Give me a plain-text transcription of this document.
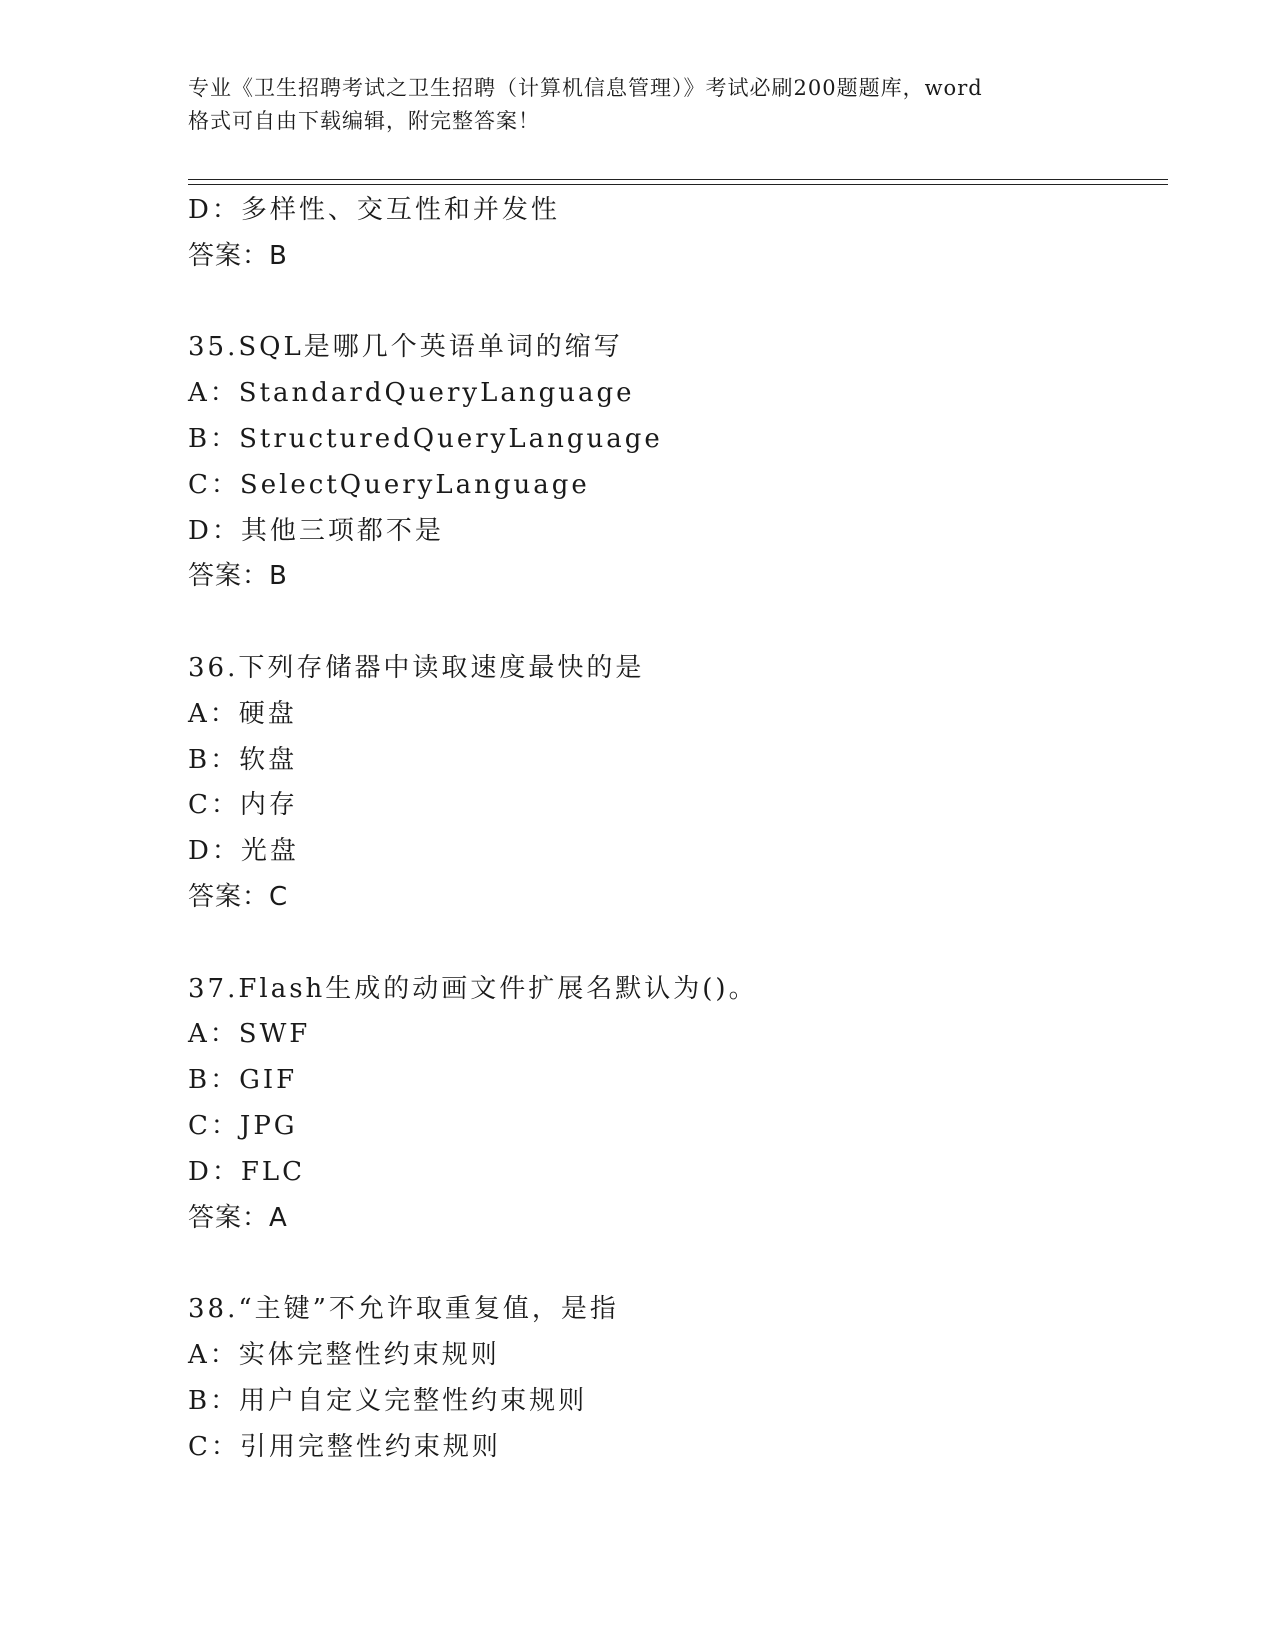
专业《卫生招聘考试之卫生招聘（计算机信息管理）》考试必刷200题题库，word
格式可自由下载编辑，附完整答案！
D：多样性、交互性和并发性
答案：B
35.SQL是哪几个英语单词的缩写
A：StandardQueryLanguage
B：StructuredQueryLanguage
C：SelectQueryLanguage
D：其他三项都不是
答案：B
36.下列存储器中读取速度最快的是
A：硬盘
B：软盘
C：内存
D：光盘
答案：C
37.Flash生成的动画文件扩展名默认为()。
A：SWF
B：GIF
C：JPG
D：FLC
答案：A
38.“主键”不允许取重复值，是指
A：实体完整性约束规则
B：用户自定义完整性约束规则
C：引用完整性约束规则
